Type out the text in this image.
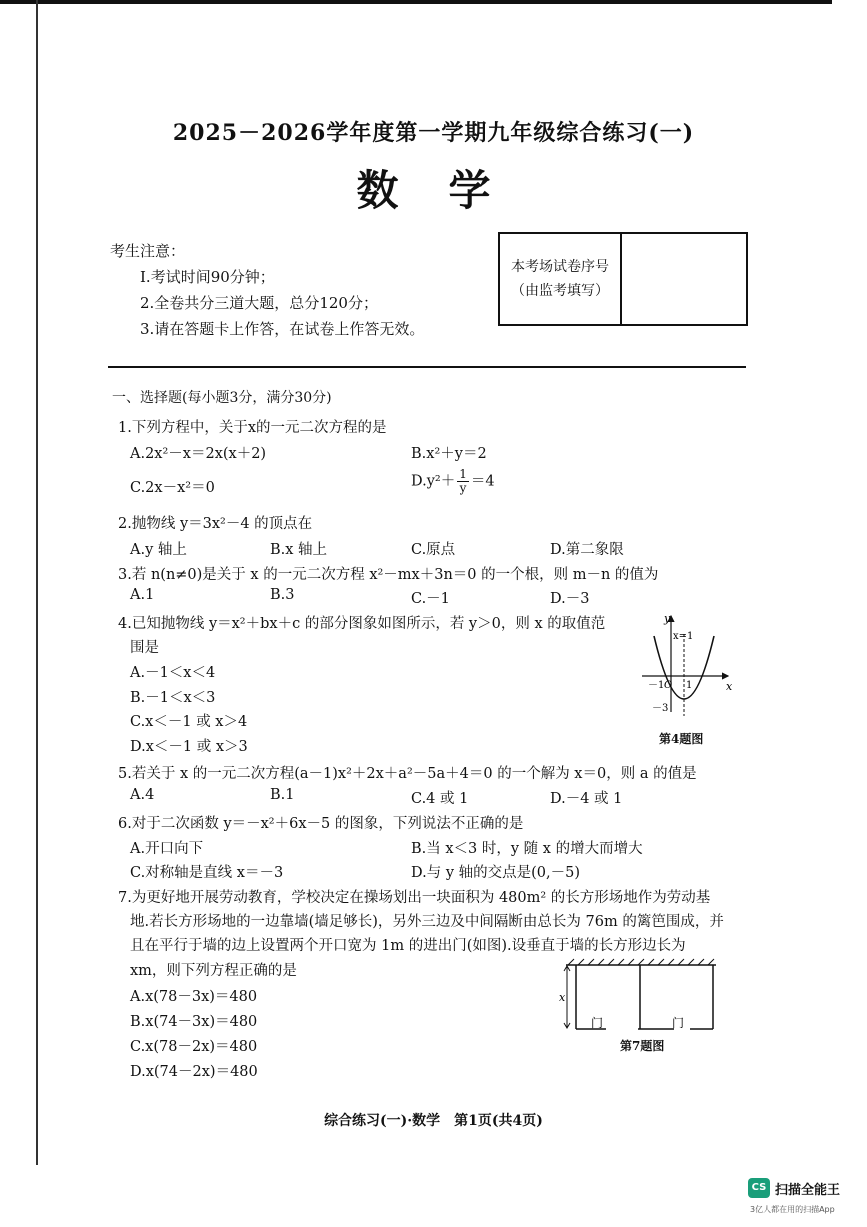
2025－2026学年度第一学期九年级综合练习(一)
数学
考生注意：
I.考试时间90分钟；
2.全卷共分三道大题，总分120分；
3.请在答题卡上作答，在试卷上作答无效。
本考场试卷序号
（由监考填写）
一、选择题(每小题3分，满分30分)
1.下列方程中，关于x的一元二次方程的是
A.2x²－x＝2x(x＋2)	B.x²＋y＝2
C.2x－x²＝0	$D.y^2+ \frac{1}{y} =4$
2.抛物线 y＝3x²－4 的顶点在
A.y 轴上	B.x 轴上	C.原点	D.第二象限
3.若 n(n≠0)是关于 x 的一元二次方程 x²－mx＋3n＝0 的一个根，则 m－n 的值为
A.1	B.3	C.－1	D.－3
4.已知抛物线 y＝x²＋bx＋c 的部分图象如图所示，若 y＞0，则 x 的取值范
围是
A.－1＜x＜4
B.－1＜x＜3
C.x＜－1 或 x＞4
D.x＜－1 或 x＞3
y
x
x=1
－1 O 1
－3
第4题图
5.若关于 x 的一元二次方程(a－1)x²＋2x＋a²－5a＋4＝0 的一个解为 x＝0，则 a 的值是
A.4	B.1	C.4 或 1	D.－4 或 1
6.对于二次函数 y＝－x²＋6x－5 的图象，下列说法不正确的是
A.开口向下	B.当 x＜3 时，y 随 x 的增大而增大
C.对称轴是直线 x＝－3	D.与 y 轴的交点是(0,－5)
7.为更好地开展劳动教育，学校决定在操场划出一块面积为 480m² 的长方形场地作为劳动基
地.若长方形场地的一边靠墙(墙足够长)，另外三边及中间隔断由总长为 76m 的篱笆围成，并
且在平行于墙的边上设置两个开口宽为 1m 的进出门(如图).设垂直于墙的长方形边长为
xm，则下列方程正确的是
A.x(78－3x)＝480
B.x(74－3x)＝480
C.x(78－2x)＝480
D.x(74－2x)＝480
x
门	门
第7题图
综合练习(一)·数学　第1页(共4页)
CS 扫描全能王
3亿人都在用的扫描App
